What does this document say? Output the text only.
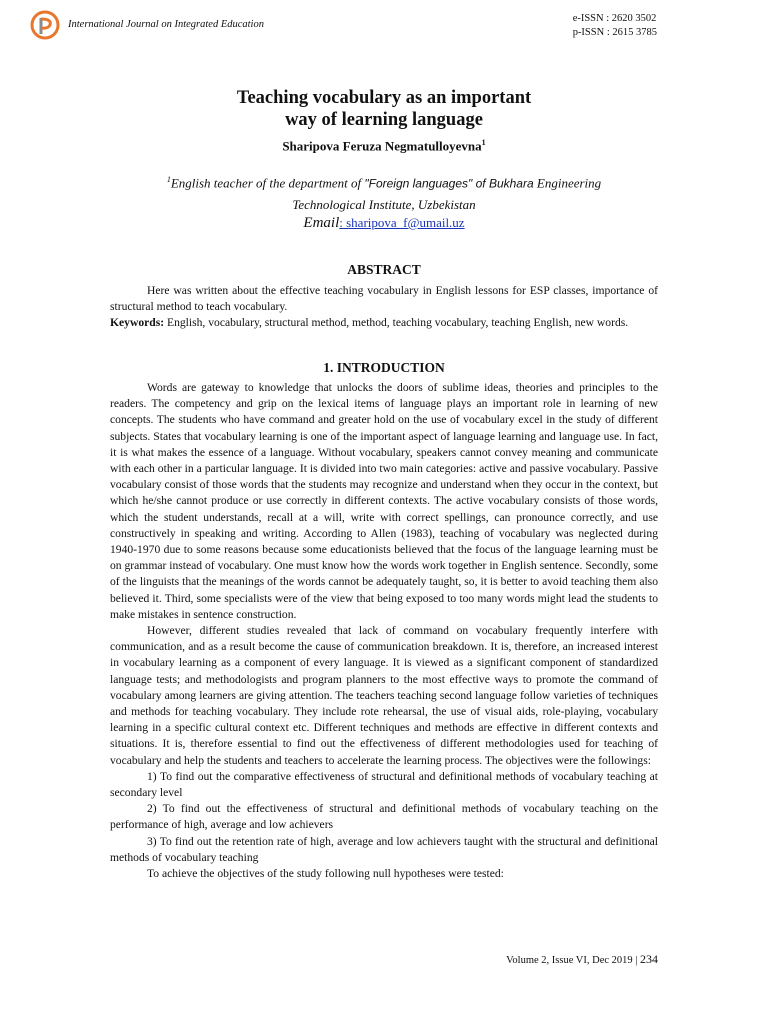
International Journal on Integrated Education
e-ISSN : 2620 3502
p-ISSN : 2615 3785
Teaching vocabulary as an important
way of learning language
Sharipova Feruza Negmatulloyevna$^1$
$^1$English teacher of the department of "Foreign languages" of Bukhara Engineering
Technological Institute, Uzbekistan
Email: sharipova_f@umail.uz
ABSTRACT

Here was written about the effective teaching vocabulary in English lessons for ESP classes, importance of structural method to teach vocabulary.

Keywords: English, vocabulary, structural method, method, teaching vocabulary, teaching English, new words.

1. INTRODUCTION

Words are gateway to knowledge that unlocks the doors of sublime ideas, theories and principles to the readers. The competency and grip on the lexical items of language plays an important role in learning of new concepts. The students who have command and greater hold on the use of vocabulary excel in the study of different subjects. States that vocabulary learning is one of the important aspect of language learning and language use. In fact, it is what makes the essence of a language. Without vocabulary, speakers cannot convey meaning and communicate with each other in a particular language. It is divided into two main categories: active and passive vocabulary. Passive vocabulary consist of those words that the students may recognize and understand when they occur in the context, but which he/she cannot produce or use correctly in different contexts. The active vocabulary consists of those words, which the student understands, recall at a will, write with correct spellings, can pronounce correctly, and use constructively in speaking and writing. According to Allen (1983), teaching of vocabulary was neglected during 1940-1970 due to some reasons because some educationists believed that the focus of the language learning must be on grammar instead of vocabulary. One must know how the words work together in English sentence. Secondly, some of the linguists that the meanings of the words cannot be adequately taught, so, it is better to avoid teaching them also believed it. Third, some specialists were of the view that being exposed to too many words might lead the students to make mistakes in sentence construction.

However, different studies revealed that lack of command on vocabulary frequently interfere with communication, and as a result become the cause of communication breakdown. It is, therefore, an increased interest in vocabulary learning as a component of every language. It is viewed as a significant component of standardized language tests; and methodologists and program planners to the most effective ways to promote the command of vocabulary among learners are giving attention. The teachers teaching second language follow varieties of techniques and methods for teaching vocabulary. They include rote rehearsal, the use of visual aids, role-playing, vocabulary learning in a specific cultural context etc. Different techniques and methods are effective in different contexts and situations. It is, therefore essential to find out the effectiveness of different methodologies used for teaching of vocabulary and help the students and teachers to accelerate the learning process. The objectives were the followings:

1) To find out the comparative effectiveness of structural and definitional methods of vocabulary teaching at secondary level

2) To find out the effectiveness of structural and definitional methods of vocabulary teaching on the performance of high, average and low achievers

3) To find out the retention rate of high, average and low achievers taught with the structural and definitional methods of vocabulary teaching

To achieve the objectives of the study following null hypotheses were tested:

Volume 2, Issue VI, Dec 2019 | 234
